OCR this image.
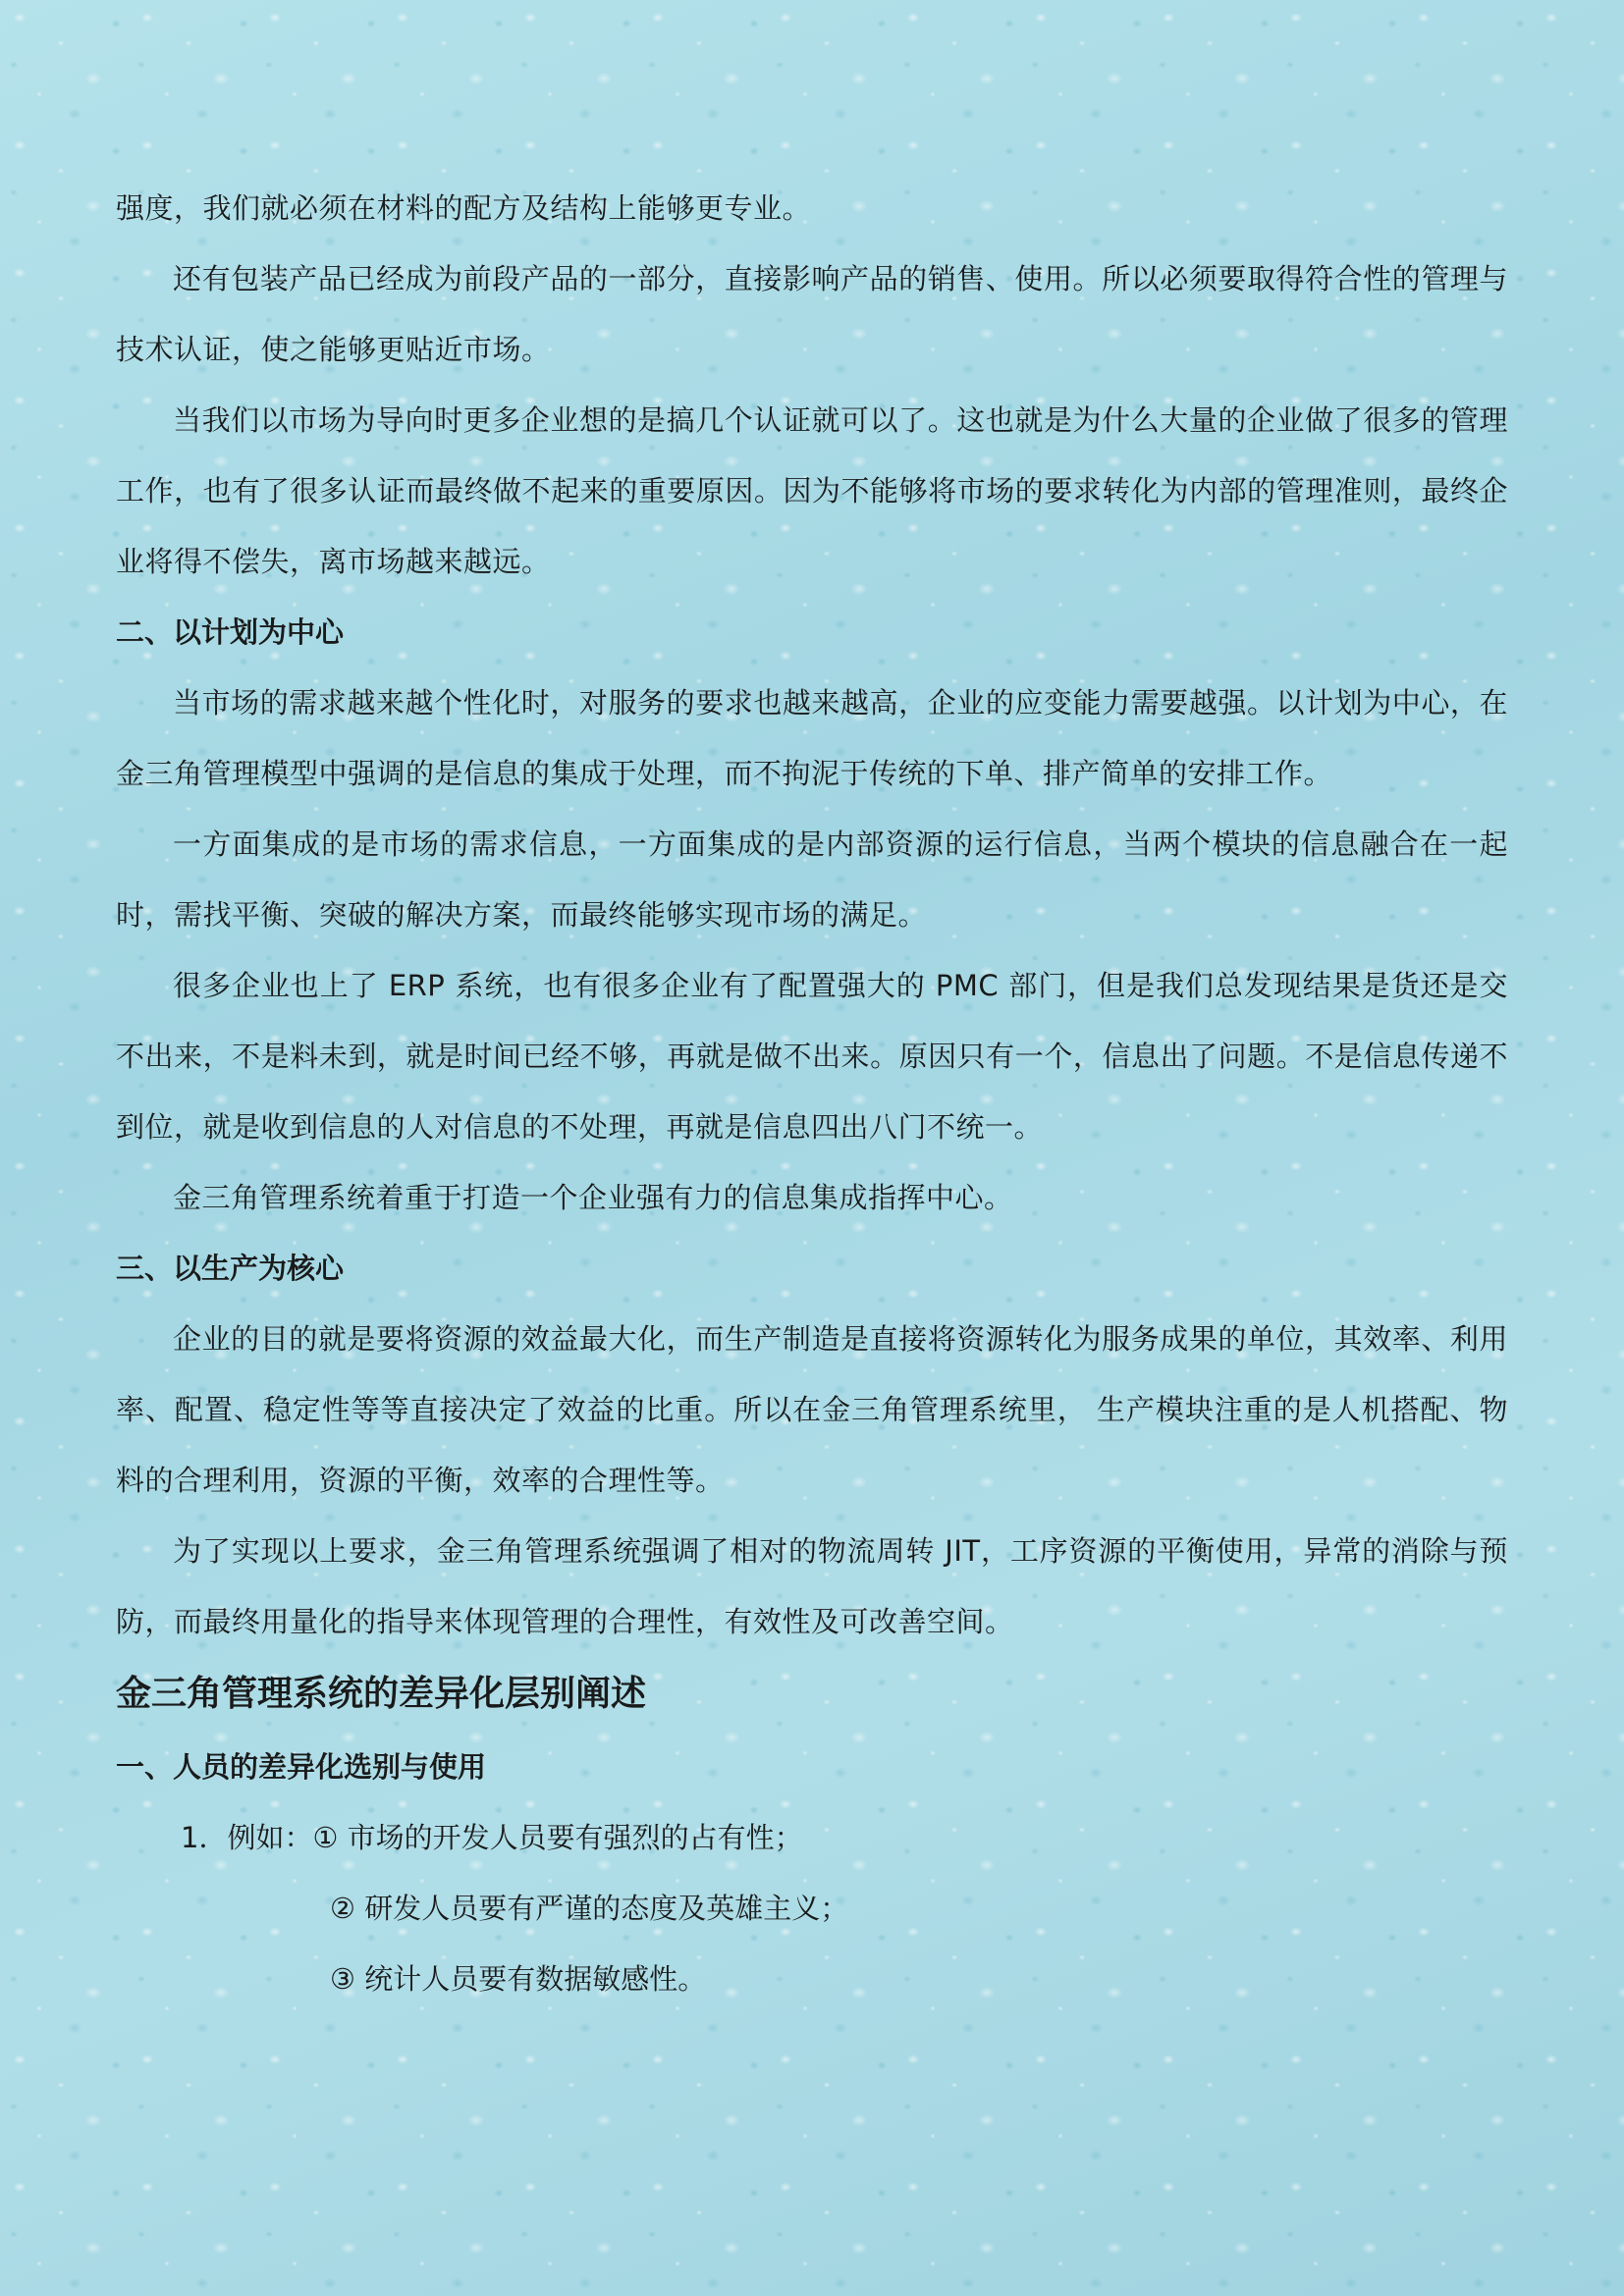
强度，我们就必须在材料的配方及结构上能够更专业。

还有包装产品已经成为前段产品的一部分，直接影响产品的销售、使用。所以必须要取得符合性的管理与技术认证，使之能够更贴近市场。

当我们以市场为导向时更多企业想的是搞几个认证就可以了。这也就是为什么大量的企业做了很多的管理工作，也有了很多认证而最终做不起来的重要原因。因为不能够将市场的要求转化为内部的管理准则，最终企业将得不偿失，离市场越来越远。

二、以计划为中心

当市场的需求越来越个性化时，对服务的要求也越来越高，企业的应变能力需要越强。以计划为中心，在金三角管理模型中强调的是信息的集成于处理，而不拘泥于传统的下单、排产简单的安排工作。

一方面集成的是市场的需求信息，一方面集成的是内部资源的运行信息，当两个模块的信息融合在一起时，需找平衡、突破的解决方案，而最终能够实现市场的满足。

很多企业也上了 ERP 系统，也有很多企业有了配置强大的 PMC 部门，但是我们总发现结果是货还是交不出来，不是料未到，就是时间已经不够，再就是做不出来。原因只有一个，信息出了问题。不是信息传递不到位，就是收到信息的人对信息的不处理，再就是信息四出八门不统一。

金三角管理系统着重于打造一个企业强有力的信息集成指挥中心。

三、以生产为核心

企业的目的就是要将资源的效益最大化，而生产制造是直接将资源转化为服务成果的单位，其效率、利用率、配置、稳定性等等直接决定了效益的比重。所以在金三角管理系统里， 生产模块注重的是人机搭配、物料的合理利用，资源的平衡，效率的合理性等。

为了实现以上要求，金三角管理系统强调了相对的物流周转 JIT，工序资源的平衡使用，异常的消除与预防，而最终用量化的指导来体现管理的合理性，有效性及可改善空间。

金三角管理系统的差异化层别阐述
一、人员的差异化选别与使用
1．例如：① 市场的开发人员要有强烈的占有性；
② 研发人员要有严谨的态度及英雄主义；
③ 统计人员要有数据敏感性。
